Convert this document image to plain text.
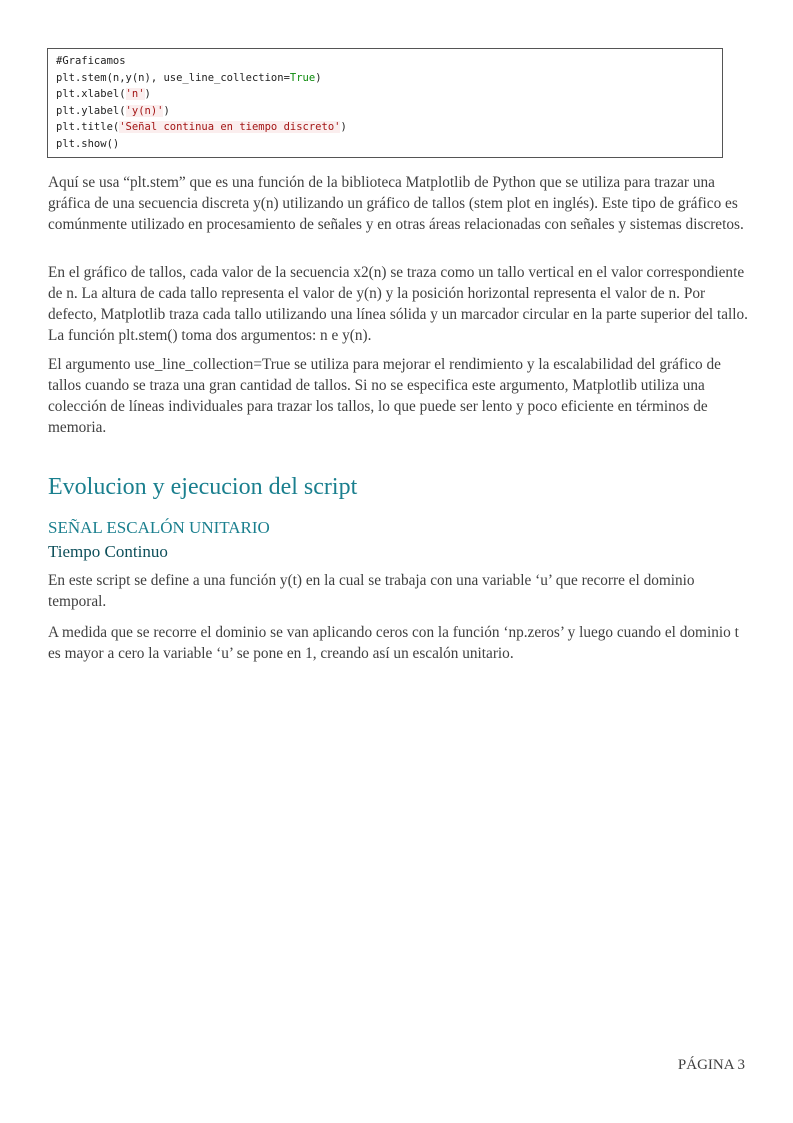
#Graficamos
plt.stem(n,y(n), use_line_collection=True)
plt.xlabel('n')
plt.ylabel('y(n)')
plt.title('Señal continua en tiempo discreto')
plt.show()

Aquí se usa “plt.stem” que es una función de la biblioteca Matplotlib de Python que se utiliza para trazar una gráfica de una secuencia discreta y(n) utilizando un gráfico de tallos (stem plot en inglés). Este tipo de gráfico es comúnmente utilizado en procesamiento de señales y en otras áreas relacionadas con señales y sistemas discretos.

En el gráfico de tallos, cada valor de la secuencia x2(n) se traza como un tallo vertical en el valor correspondiente de n. La altura de cada tallo representa el valor de y(n) y la posición horizontal representa el valor de n. Por defecto, Matplotlib traza cada tallo utilizando una línea sólida y un marcador circular en la parte superior del tallo. La función plt.stem() toma dos argumentos: n e y(n).

El argumento use_line_collection=True se utiliza para mejorar el rendimiento y la escalabilidad del gráfico de tallos cuando se traza una gran cantidad de tallos. Si no se especifica este argumento, Matplotlib utiliza una colección de líneas individuales para trazar los tallos, lo que puede ser lento y poco eficiente en términos de memoria.

Evolucion y ejecucion del script
SEÑAL ESCALÓN UNITARIO
Tiempo Continuo

En este script se define a una función y(t) en la cual se trabaja con una variable ‘u’ que recorre el dominio temporal.

A medida que se recorre el dominio se van aplicando ceros con la función ‘np.zeros’ y luego cuando el dominio t es mayor a cero la variable ‘u’ se pone en 1, creando así un escalón unitario.

PÁGINA 3
